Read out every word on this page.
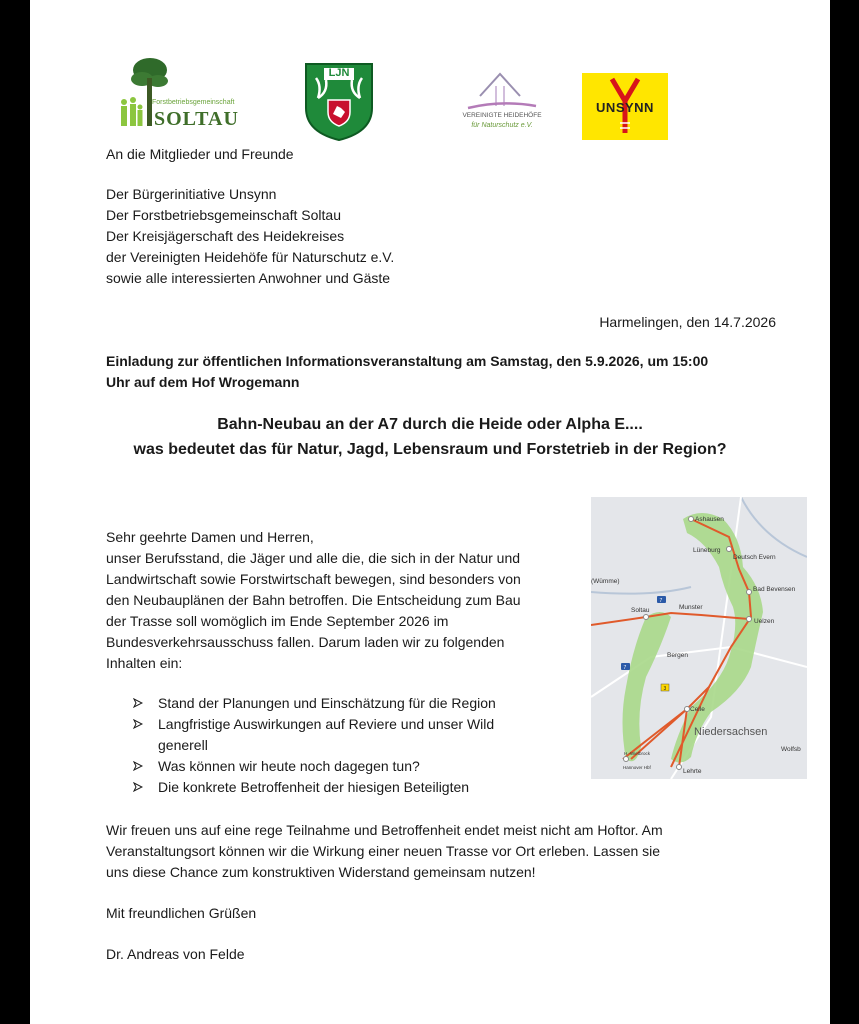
Forstbetriebsgemeinschaft
SOLTAU
LJN
VEREINIGTE HEIDEHÖFE
für Naturschutz e.V.
UNSYNN
An die Mitglieder und Freunde
Der Bürgerinitiative Unsynn
Der Forstbetriebsgemeinschaft Soltau
Der Kreisjägerschaft des Heidekreises
der Vereinigten Heidehöfe für Naturschutz e.V.
sowie alle interessierten Anwohner und Gäste
Harmelingen, den 14.7.2026
Einladung zur öffentlichen Informationsveranstaltung am Samstag, den 5.9.2026, um 15:00
Uhr auf dem Hof Wrogemann
Bahn-Neubau an der A7 durch die Heide oder Alpha E....
was bedeutet das für Natur, Jagd, Lebensraum und Forstetrieb in der Region?
Sehr geehrte Damen und Herren,
unser Berufsstand, die Jäger und alle die, die sich in der Natur und
Landwirtschaft sowie Forstwirtschaft bewegen, sind besonders von
den Neubauplänen der Bahn betroffen. Die Entscheidung zum Bau
der Trasse soll womöglich im Ende September 2026 im
Bundesverkehrsausschuss fallen. Darum laden wir zu folgenden
Inhalten ein:
Stand der Planungen und Einschätzung für die Region
Langfristige Auswirkungen auf Reviere und unser Wild
generell
Was können wir heute noch dagegen tun?
Die konkrete Betroffenheit der hiesigen Beteiligten
Ashausen
Lüneburg
Deutsch Evern
(Wümme)
Bad Bevensen
Soltau	Munster
Uelzen
Bergen
Celle
Niedersachsen
Wolfsb
H.-Wietbrock
Hannover Hbf
Lehrte
7
7
3
Wir freuen uns auf eine rege Teilnahme und Betroffenheit endet meist nicht am Hoftor. Am
Veranstaltungsort können wir die Wirkung einer neuen Trasse vor Ort erleben. Lassen sie
uns diese Chance zum konstruktiven Widerstand gemeinsam nutzen!
Mit freundlichen Grüßen
Dr. Andreas von Felde
